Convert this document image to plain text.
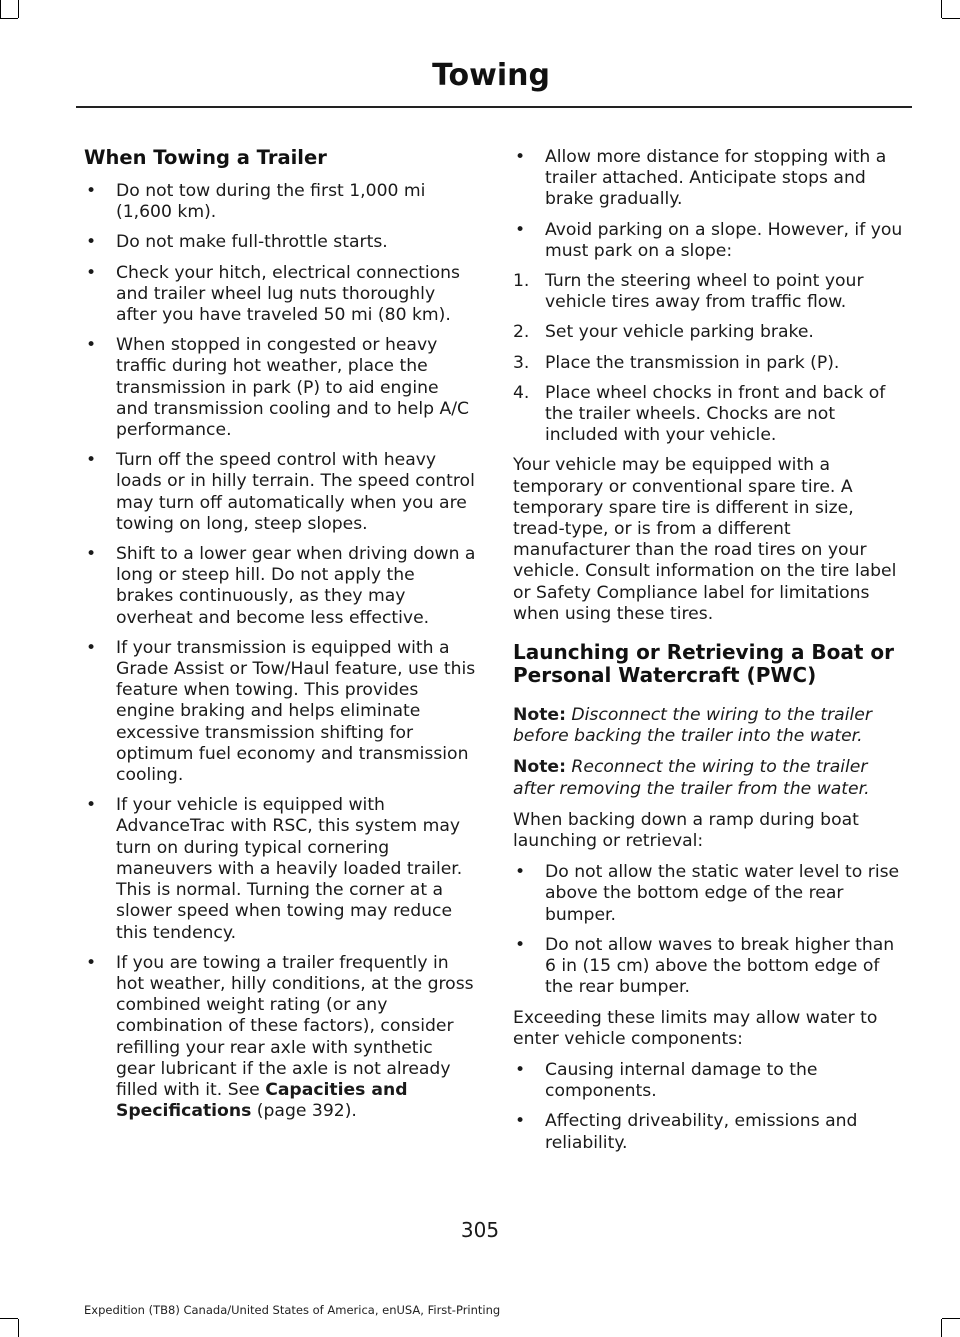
Towing
When Towing a Trailer
• Do not tow during the first 1,000 mi (1,600 km).
• Do not make full-throttle starts.
• Check your hitch, electrical connections and trailer wheel lug nuts thoroughly after you have traveled 50 mi (80 km).
• When stopped in congested or heavy traffic during hot weather, place the transmission in park (P) to aid engine and transmission cooling and to help A/C performance.
• Turn off the speed control with heavy loads or in hilly terrain. The speed control may turn off automatically when you are towing on long, steep slopes.
• Shift to a lower gear when driving down a long or steep hill. Do not apply the brakes continuously, as they may overheat and become less effective.
• If your transmission is equipped with a Grade Assist or Tow/Haul feature, use this feature when towing. This provides engine braking and helps eliminate excessive transmission shifting for optimum fuel economy and transmission cooling.
• If your vehicle is equipped with AdvanceTrac with RSC, this system may turn on during typical cornering maneuvers with a heavily loaded trailer. This is normal. Turning the corner at a slower speed when towing may reduce this tendency.
• If you are towing a trailer frequently in hot weather, hilly conditions, at the gross combined weight rating (or any combination of these factors), consider refilling your rear axle with synthetic gear lubricant if the axle is not already filled with it. See Capacities and Specifications (page 392).
• Allow more distance for stopping with a trailer attached. Anticipate stops and brake gradually.
• Avoid parking on a slope. However, if you must park on a slope:
1. Turn the steering wheel to point your vehicle tires away from traffic flow.
2. Set your vehicle parking brake.
3. Place the transmission in park (P).
4. Place wheel chocks in front and back of the trailer wheels. Chocks are not included with your vehicle.

Your vehicle may be equipped with a temporary or conventional spare tire. A temporary spare tire is different in size, tread-type, or is from a different manufacturer than the road tires on your vehicle. Consult information on the tire label or Safety Compliance label for limitations when using these tires.

Launching or Retrieving a Boat or Personal Watercraft (PWC)

Note: Disconnect the wiring to the trailer before backing the trailer into the water.

Note: Reconnect the wiring to the trailer after removing the trailer from the water.

When backing down a ramp during boat launching or retrieval:

• Do not allow the static water level to rise above the bottom edge of the rear bumper.
• Do not allow waves to break higher than 6 in (15 cm) above the bottom edge of the rear bumper.

Exceeding these limits may allow water to enter vehicle components:

• Causing internal damage to the components.
• Affecting driveability, emissions and reliability.
305
Expedition (TB8) Canada/United States of America, enUSA, First-Printing
